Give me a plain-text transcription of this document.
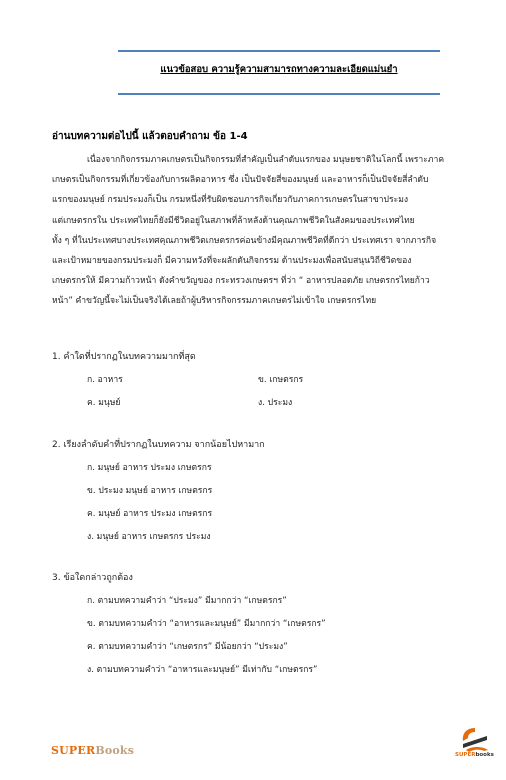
แนวข้อสอบ ความรู้ความสามารถทางความละเอียดแม่นยำ
อ่านบทความต่อไปนี้ แล้วตอบคำถาม ข้อ 1-4
เนื่องจากกิจกรรมภาคเกษตรเป็นกิจกรรมที่สำคัญเป็นลำดับแรกของ มนุษยชาติในโลกนี้ เพราะภาค
เกษตรเป็นกิจกรรมที่เกี่ยวข้องกับการผลิตอาหาร ซึ่ง เป็นปัจจัยสี่ของมนุษย์ และอาหารก็เป็นปัจจัยสี่ลำดับ
แรกของมนุษย์ กรมประมงก็เป็น กรมหนึ่งที่รับผิดชอบภารกิจเกี่ยวกับภาคการเกษตรในสาขาประมง
แต่เกษตรกรใน ประเทศไทยก็ยังมีชีวิตอยู่ในสภาพที่ล้าหลังด้านคุณภาพชีวิตในสังคมของประเทศไทย
ทั้ง ๆ ที่ในประเทศบางประเทศคุณภาพชีวิตเกษตรกรค่อนข้างมีคุณภาพชีวิตที่ดีกว่า ประเทศเรา จากภารกิจ
และเป้าหมายของกรมประมงก็ มีความหวังที่จะผลักดันกิจกรรม ด้านประมงเพื่อสนับสนุนวิถีชีวิตของ
เกษตรกรให้ มีความก้าวหน้า ดังคำขวัญของ กระทรวงเกษตรฯ ที่ว่า “ อาหารปลอดภัย เกษตรกรไทยก้าว
หน้า” คำขวัญนี้จะไม่เป็นจริงได้เลยถ้าผู้บริหารกิจกรรมภาคเกษตรไม่เข้าใจ เกษตรกรไทย
1. คำใดที่ปรากฏในบทความมากที่สุด
ก. อาหาร	ข. เกษตรกร
ค. มนุษย์	ง. ประมง
2. เรียงลำดับคำที่ปรากฏในบทความ จากน้อยไปหามาก
ก. มนุษย์ อาหาร ประมง เกษตรกร
ข. ประมง มนุษย์ อาหาร เกษตรกร
ค. มนุษย์ อาหาร ประมง เกษตรกร
ง. มนุษย์ อาหาร เกษตรกร ประมง
3. ข้อใดกล่าวถูกต้อง
ก. ตามบทความคำว่า “ประมง” มีมากกว่า “เกษตรกร”
ข. ตามบทความคำว่า “อาหารและมนุษย์” มีมากกว่า “เกษตรกร”
ค. ตามบทความคำว่า “เกษตรกร” มีน้อยกว่า “ประมง”
ง. ตามบทความคำว่า “อาหารและมนุษย์” มีเท่ากับ “เกษตรกร”
SUPERBooks	SUPERbooks
